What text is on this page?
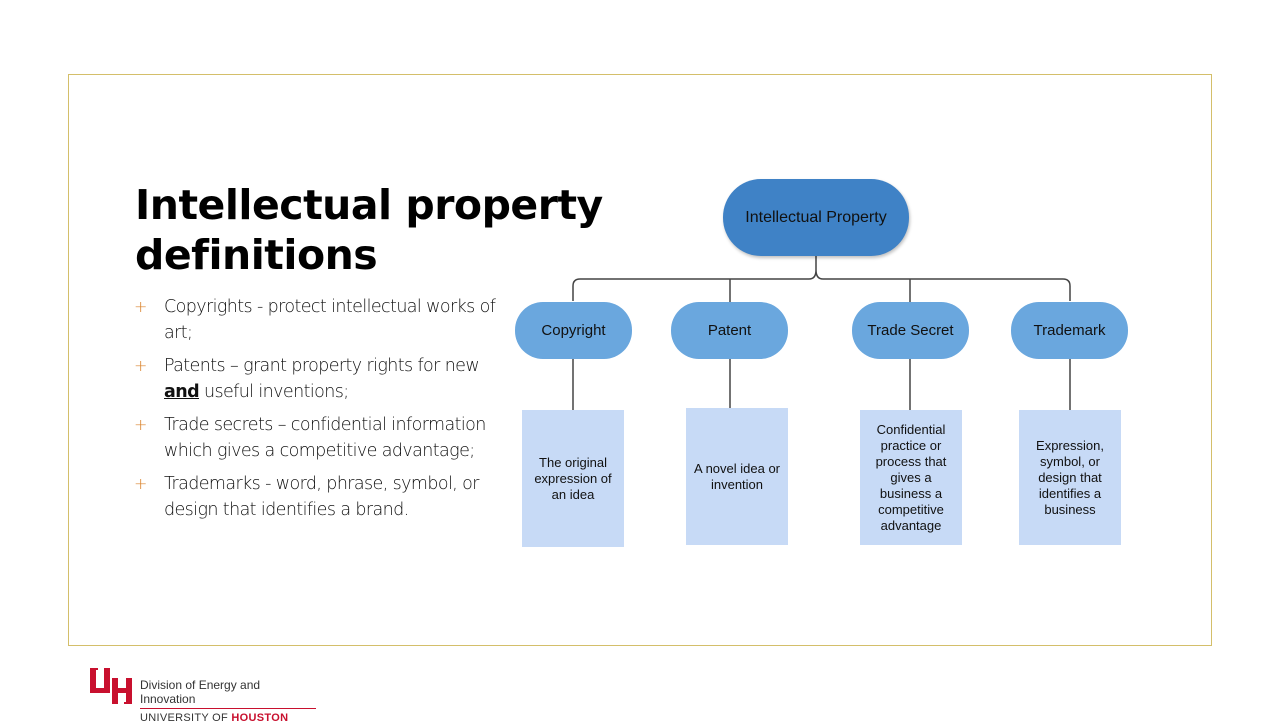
Intellectual property definitions
+ Copyrights - protect intellectual works of art;
+ Patents – grant property rights for new and useful inventions;
+ Trade secrets – confidential information which gives a competitive advantage;
+ Trademarks - word, phrase, symbol, or design that identifies a brand.
Intellectual Property
Copyright	Patent	Trade Secret	Trademark
The original expression of an idea
A novel idea or invention
Confidential practice or process that gives a business a competitive advantage
Expression, symbol, or design that identifies a business
Division of Energy and Innovation
UNIVERSITY OF HOUSTON
